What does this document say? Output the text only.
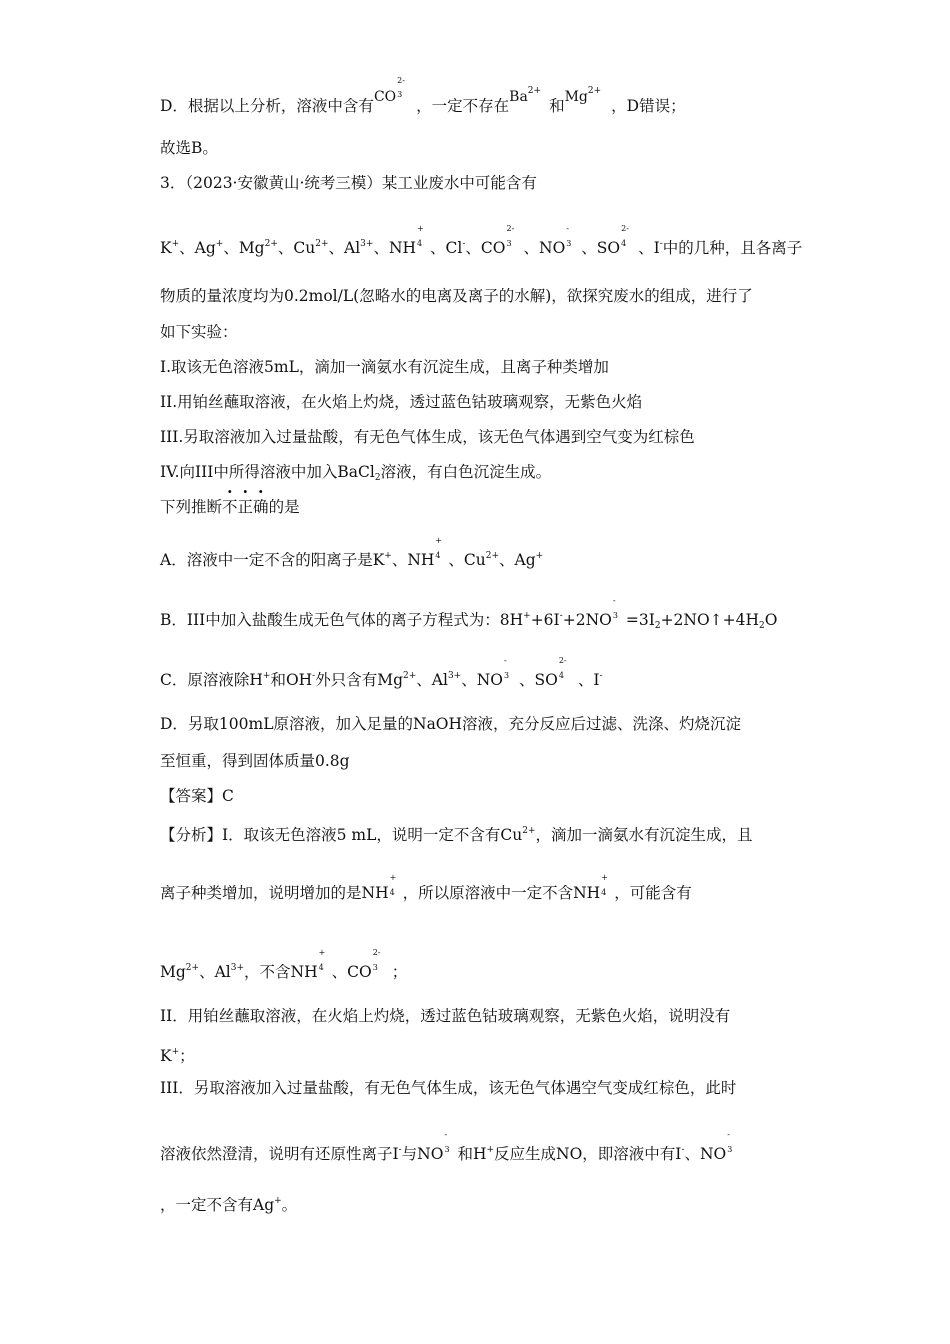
D．根据以上分析，溶液中含有CO
2-
3
，一定不存在$Ba^{2+}$和$Mg^{2+}$，D错误；
故选B。
3．（2023·安徽黄山·统考三模）某工业废水中可能含有
K+、Ag+、$Mg^{2+}$、$Cu^{2+}$、$Al^{3+}$、NH
+
4 、Cl-、CO
2-
3 、NO
-
3 、SO
2-
4 、I-中的几种，且各离子
物质的量浓度均为0.2mol/L(忽略水的电离及离子的水解)，欲探究废水的组成，进行了
如下实验：
I.取该无色溶液5mL，滴加一滴氨水有沉淀生成，且离子种类增加
II.用铂丝蘸取溶液，在火焰上灼烧，透过蓝色钴玻璃观察，无紫色火焰
III.另取溶液加入过量盐酸，有无色气体生成，该无色气体遇到空气变为红棕色
IV.向III中所得溶液中加入BaCl2溶液，有白色沉淀生成。
下列推断不正确的是
A．溶液中一定不含的阳离子是K+、NH
+
4 、$Cu^{2+}$、Ag+
B．III中加入盐酸生成无色气体的离子方程式为：8H++6I-+2NO
-
3 =3I2+2NO↑+4H2O
C．原溶液除H+和OH-外只含有$Mg^{2+}$、$Al^{3+}$、NO
-
3 、SO
2-
4 、I-
D．另取100mL原溶液，加入足量的NaOH溶液，充分反应后过滤、洗涤、灼烧沉淀
至恒重，得到固体质量0.8g
【答案】C
【分析】I．取该无色溶液5 mL，说明一定不含有$Cu^{2+}$，滴加一滴氨水有沉淀生成，且
离子种类增加，说明增加的是NH
+
4 ，所以原溶液中一定不含NH
+
4 ，可能含有
$Mg^{2+}$、$Al^{3+}$，不含NH
+
4 、CO
2-
3 ；
II．用铂丝蘸取溶液，在火焰上灼烧，透过蓝色钴玻璃观察，无紫色火焰，说明没有
K+；
III．另取溶液加入过量盐酸，有无色气体生成，该无色气体遇空气变成红棕色，此时
溶液依然澄清，说明有还原性离子I-与NO
-
3 和H+反应生成NO，即溶液中有I-、NO
-
3
，一定不含有Ag+。
